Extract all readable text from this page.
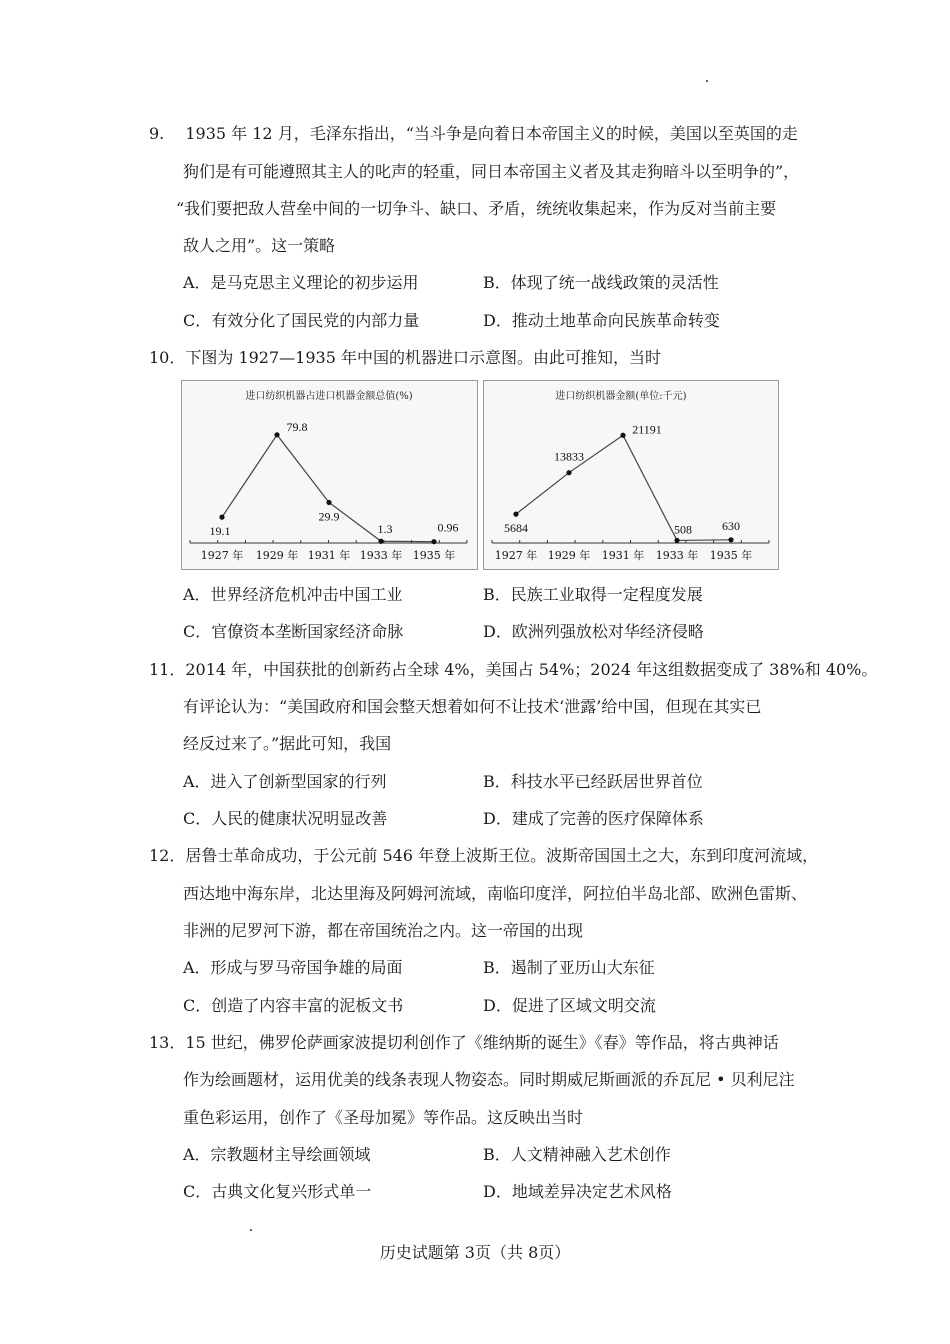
9.　 1935 年 12 月，毛泽东指出，“当斗争是向着日本帝国主义的时候，美国以至英国的走
狗们是有可能遵照其主人的叱声的轻重，同日本帝国主义者及其走狗暗斗以至明争的”，
“我们要把敌人营垒中间的一切争斗、缺口、矛盾，统统收集起来，作为反对当前主要
敌人之用”。这一策略
A．是马克思主义理论的初步运用	B．体现了统一战线政策的灵活性
C．有效分化了国民党的内部力量	D．推动土地革命向民族革命转变
10．下图为 1927—1935 年中国的机器进口示意图。由此可推知，当时
进口纺织机器占进口机器金额总值(%)
19.1
1927 年
79.8
1929 年
29.9
1931 年
1.3
1933 年
0.96
1935 年
进口纺织机器金额(单位:千元)
5684
1927 年
13833
1929 年
21191
1931 年
508
1933 年
630
1935 年
A．世界经济危机冲击中国工业	B．民族工业取得一定程度发展
C．官僚资本垄断国家经济命脉	D．欧洲列强放松对华经济侵略
11．2014 年，中国获批的创新药占全球 4%，美国占 54%；2024 年这组数据变成了 38%和 40%。
有评论认为：“美国政府和国会整天想着如何不让技术‘泄露’给中国，但现在其实已
经反过来了。”据此可知，我国
A．进入了创新型国家的行列	B．科技水平已经跃居世界首位
C．人民的健康状况明显改善	D．建成了完善的医疗保障体系
12．居鲁士革命成功，于公元前 546 年登上波斯王位。波斯帝国国土之大，东到印度河流域，
西达地中海东岸，北达里海及阿姆河流域，南临印度洋，阿拉伯半岛北部、欧洲色雷斯、
非洲的尼罗河下游，都在帝国统治之内。这一帝国的出现
A．形成与罗马帝国争雄的局面	B．遏制了亚历山大东征
C．创造了内容丰富的泥板文书	D．促进了区域文明交流
13．15 世纪，佛罗伦萨画家波提切利创作了《维纳斯的诞生》《春》等作品，将古典神话
作为绘画题材，运用优美的线条表现人物姿态。同时期威尼斯画派的乔瓦尼 • 贝利尼注
重色彩运用，创作了《圣母加冕》等作品。这反映出当时
A．宗教题材主导绘画领域	B．人文精神融入艺术创作
C．古典文化复兴形式单一	D．地域差异决定艺术风格
历史试题第 3页（共 8页）
